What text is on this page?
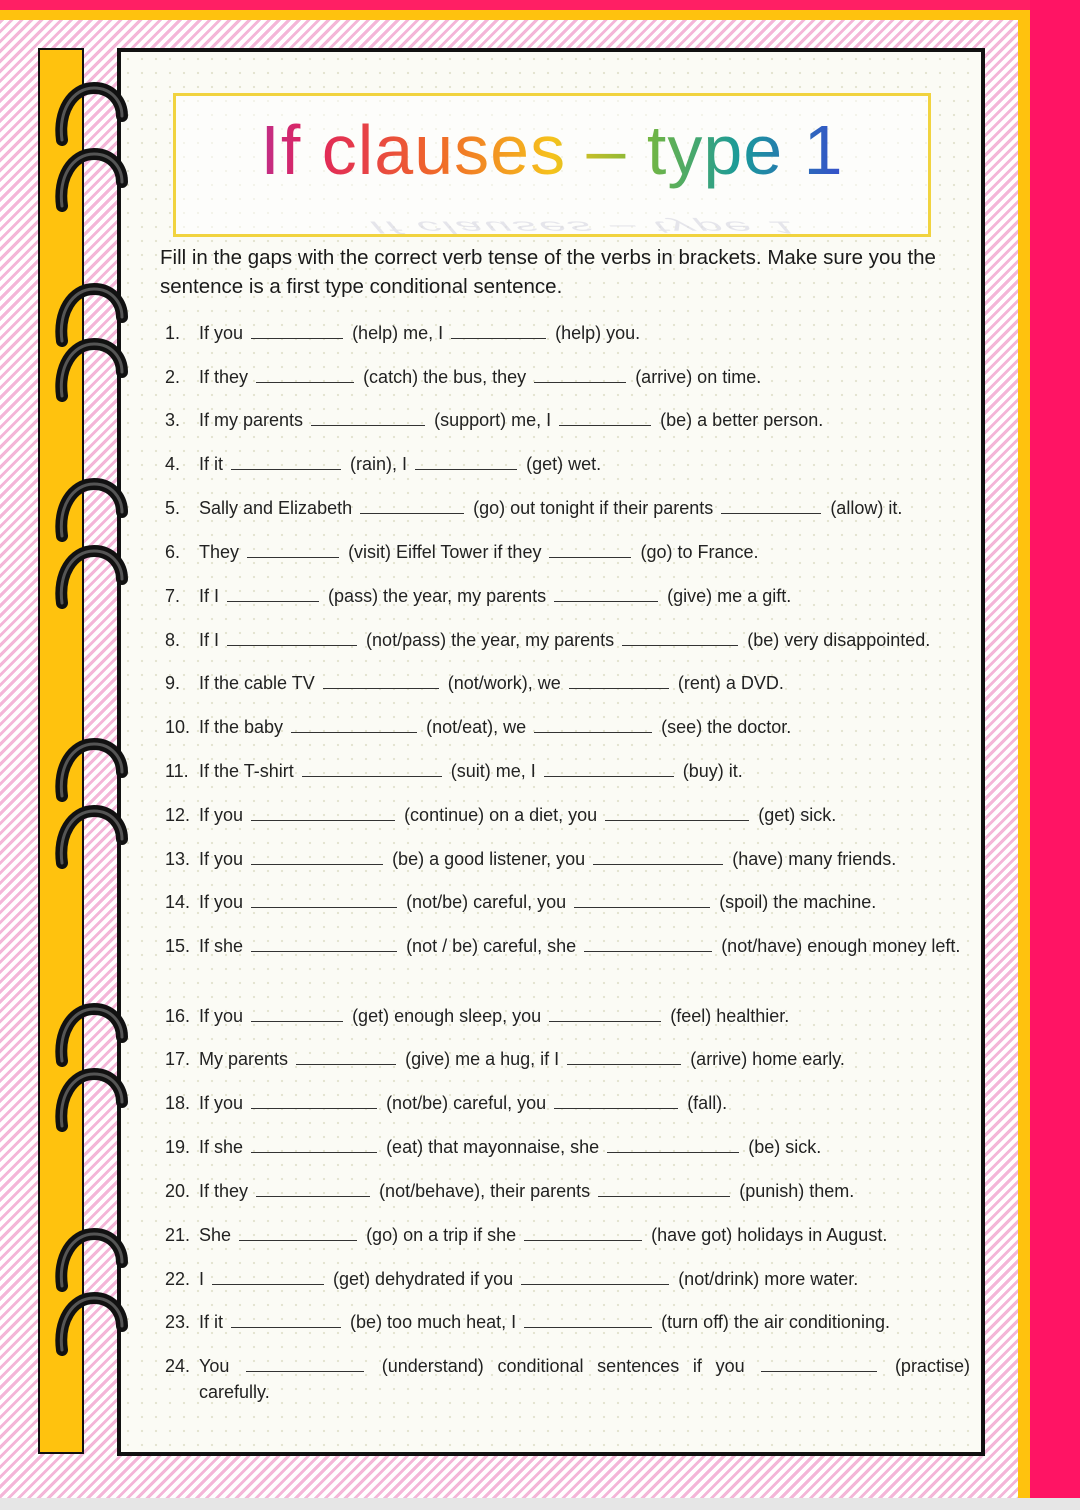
If clauses – type 1
If clauses – type 1
Fill in the gaps with the correct verb tense of the verbs in brackets. Make sure you the sentence is a first type conditional sentence.
1. If you	(help) me, I	(help) you.
2. If they	(catch) the bus, they	(arrive) on time.
3. If my parents	(support) me, I	(be) a better person.
4. If it	(rain), I	(get) wet.
5. Sally and Elizabeth	(go) out tonight if their parents	(allow) it.
6. They	(visit) Eiffel Tower if they	(go) to France.
7. If I	(pass) the year, my parents	(give) me a gift.
8. If I	(not/pass) the year, my parents	(be) very disappointed.
9. If the cable TV	(not/work), we	(rent) a DVD.
10. If the baby	(not/eat), we	(see) the doctor.
11. If the T-shirt	(suit) me, I	(buy) it.
12. If you	(continue) on a diet, you	(get) sick.
13. If you	(be) a good listener, you	(have) many friends.
14. If you	(not/be) careful, you	(spoil) the machine.
15. If she	(not / be) careful, she	(not/have) enough money left.
16. If you	(get) enough sleep, you	(feel) healthier.
17. My parents	(give) me a hug, if I	(arrive) home early.
18. If you	(not/be) careful, you	(fall).
19. If she	(eat) that mayonnaise, she	(be) sick.
20. If they	(not/behave), their parents	(punish) them.
21. She	(go) on a trip if she	(have got) holidays in August.
22. I	(get) dehydrated if you	(not/drink) more water.
23. If it	(be) too much heat, I	(turn off) the air conditioning.
24. You	(understand) conditional sentences if you	(practise) carefully.
